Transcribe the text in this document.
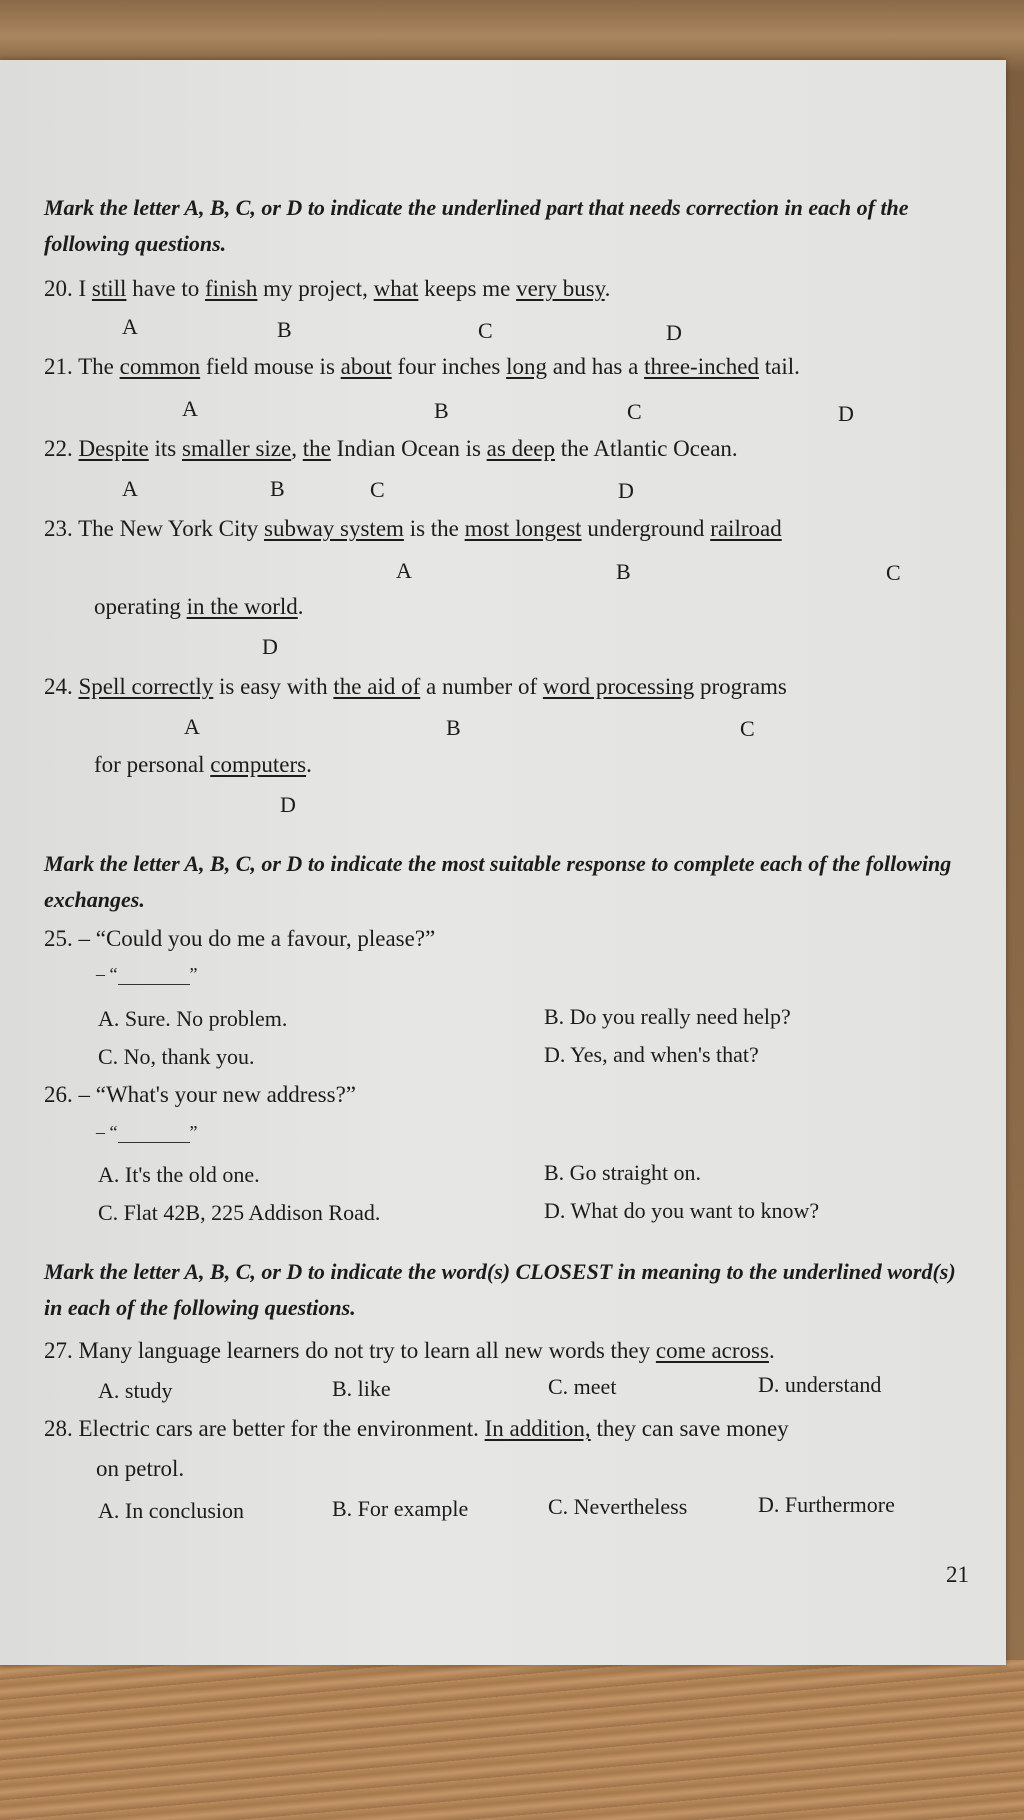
Mark the letter A, B, C, or D to indicate the underlined part that needs correction in each of the following questions.
20. I still have to finish my project, what keeps me very busy.
A	B	C	D
21. The common field mouse is about four inches long and has a three-inched tail.
A	B	C	D
22. Despite its smaller size, the Indian Ocean is as deep the Atlantic Ocean.
A	B	C	D
23. The New York City subway system is the most longest underground railroad
A	B	C
operating in the world.
D
24. Spell correctly is easy with the aid of a number of word processing programs
A	B	C
for personal computers.
D
Mark the letter A, B, C, or D to indicate the most suitable response to complete each of the following exchanges.
25. – “Could you do me a favour, please?”
– “	”
A. Sure. No problem.	B. Do you really need help?
C. No, thank you.	D. Yes, and when's that?
26. – “What's your new address?”
– “	”
A. It's the old one.	B. Go straight on.
C. Flat 42B, 225 Addison Road.	D. What do you want to know?
Mark the letter A, B, C, or D to indicate the word(s) CLOSEST in meaning to the underlined word(s) in each of the following questions.
27. Many language learners do not try to learn all new words they come across.
A. study	B. like	C. meet	D. understand
28. Electric cars are better for the environment. In addition, they can save money
on petrol.
A. In conclusion	B. For example	C. Nevertheless	D. Furthermore
21
